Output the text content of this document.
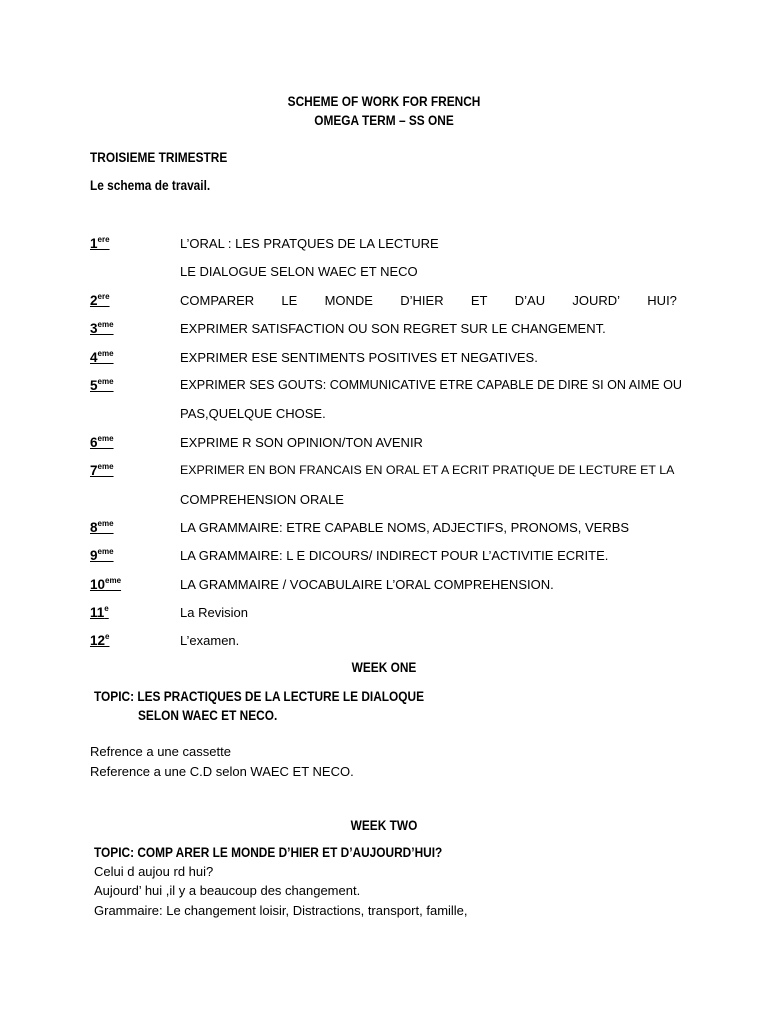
SCHEME OF WORK FOR FRENCH
OMEGA TERM – SS ONE
TROISIEME TRIMESTRE
Le schema de travail.
1ere	L’ORAL : LES PRATQUES DE LA LECTURE
LE DIALOGUE SELON WAEC ET NECO
2ere	COMPARER LE MONDE D’HIER ET D’AU JOURD’ HUI?
3eme	EXPRIMER SATISFACTION OU SON REGRET SUR LE CHANGEMENT.
4eme	EXPRIMER ESE SENTIMENTS POSITIVES ET NEGATIVES.
5eme	EXPRIMER SES GOUTS: COMMUNICATIVE ETRE CAPABLE DE DIRE SI ON AIME OU
PAS,QUELQUE CHOSE.
6eme	EXPRIME R SON OPINION/TON AVENIR
7eme	EXPRIMER EN BON FRANCAIS EN ORAL ET A ECRIT PRATIQUE DE LECTURE ET LA
COMPREHENSION ORALE
8eme	LA GRAMMAIRE: ETRE CAPABLE NOMS, ADJECTIFS, PRONOMS, VERBS
9eme	LA GRAMMAIRE: L E DICOURS/ INDIRECT POUR L’ACTIVITIE ECRITE.
10eme	LA GRAMMAIRE / VOCABULAIRE L’ORAL COMPREHENSION.
11e	La Revision
12e	L’examen.
WEEK ONE
TOPIC: LES PRACTIQUES DE LA LECTURE LE DIALOQUE
SELON WAEC ET NECO.
Refrence a une cassette
Reference a une C.D selon WAEC ET NECO.
WEEK TWO
TOPIC: COMP ARER LE MONDE D’HIER ET D’AUJOURD’HUI?
Celui d aujou rd hui?
Aujourd’ hui ,il y a beaucoup des changement.
Grammaire: Le changement loisir, Distractions, transport, famille,
